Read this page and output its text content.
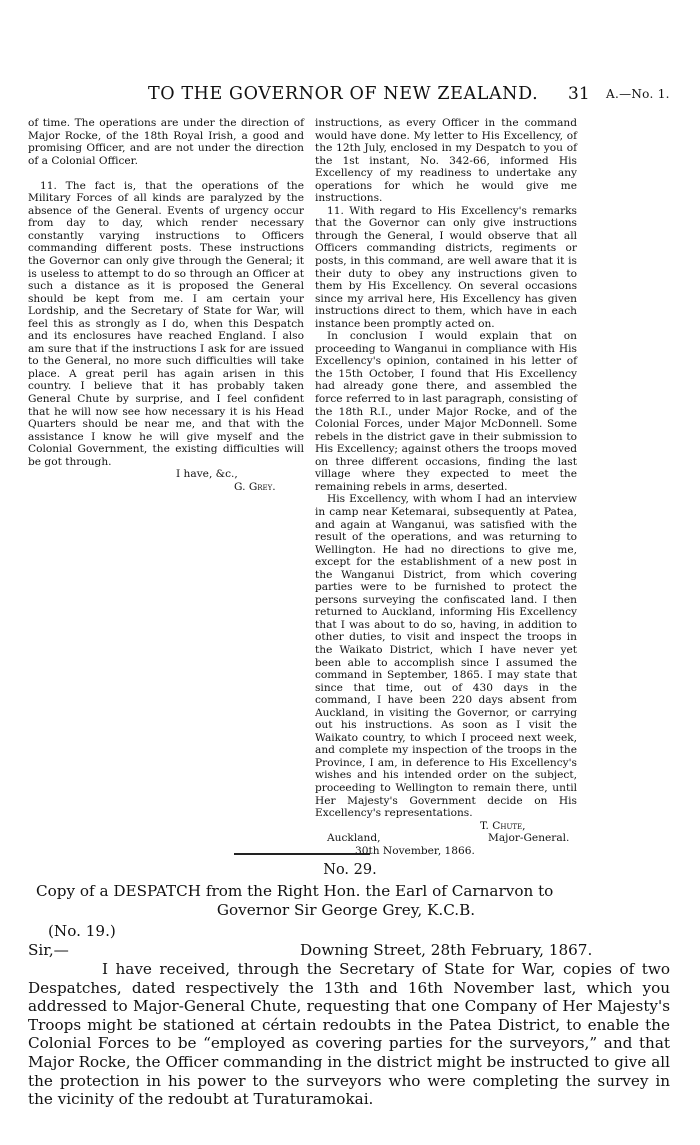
TO THE GOVERNOR OF NEW ZEALAND. 31 A.—No. 1.

of time. The operations are under the direction of Major Rocke, of the 18th Royal Irish, a good and promising Officer, and are not under the direction of a Colonial Officer.

11. The fact is, that the operations of the Military Forces of all kinds are paralyzed by the absence of the General. Events of urgency occur from day to day, which render necessary constantly varying instructions to Officers commanding different posts. These instructions the Governor can only give through the General; it is useless to attempt to do so through an Officer at such a distance as it is proposed the General should be kept from me. I am certain your Lordship, and the Secretary of State for War, will feel this as strongly as I do, when this Despatch and its enclosures have reached England. I also am sure that if the instructions I ask for are issued to the General, no more such difficulties will take place. A great peril has again arisen in this country. I believe that it has probably taken General Chute by surprise, and I feel confident that he will now see how necessary it is his Head Quarters should be near me, and that with the assistance I know he will give myself and the Colonial Government, the existing difficulties will be got through.

I have, &c.,

G. Grey.

instructions, as every Officer in the command would have done. My letter to His Excellency, of the 12th July, enclosed in my Despatch to you of the 1st instant, No. 342-66, informed His Excellency of my readiness to undertake any operations for which he would give me instructions.

11. With regard to His Excellency's remarks that the Governor can only give instructions through the General, I would observe that all Officers commanding districts, regiments or posts, in this command, are well aware that it is their duty to obey any instructions given to them by His Excellency. On several occasions since my arrival here, His Excellency has given instructions direct to them, which have in each instance been promptly acted on.

In conclusion I would explain that on proceeding to Wanganui in compliance with His Excellency's opinion, contained in his letter of the 15th October, I found that His Excellency had already gone there, and assembled the force referred to in last paragraph, consisting of the 18th R.I., under Major Rocke, and of the Colonial Forces, under Major McDonnell. Some rebels in the district gave in their submission to His Excellency; against others the troops moved on three different occasions, finding the last village where they expected to meet the remaining rebels in arms, deserted.

His Excellency, with whom I had an interview in camp near Ketemarai, subsequently at Patea, and again at Wanganui, was satisfied with the result of the operations, and was returning to Wellington. He had no directions to give me, except for the establishment of a new post in the Wanganui District, from which covering parties were to be furnished to protect the persons surveying the confiscated land. I then returned to Auckland, informing His Excellency that I was about to do so, having, in addition to other duties, to visit and inspect the troops in the Waikato District, which I have never yet been able to accomplish since I assumed the command in September, 1865. I may state that since that time, out of 430 days in the command, I have been 220 days absent from Auckland, in visiting the Governor, or carrying out his instructions. As soon as I visit the Waikato country, to which I proceed next week, and complete my inspection of the troops in the Province, I am, in deference to His Excellency's wishes and his intended order on the subject, proceeding to Wellington to remain there, until Her Majesty's Government decide on His Excellency's representations.

T. Chute,

Auckland,	Major-General.

30th November, 1866.

No. 29.
Copy of a DESPATCH from the Right Hon. the Earl of Carnarvon to
Governor Sir George Grey, K.C.B.
(No. 19.)
Sir,—	Downing Street, 28th February, 1867.

I have received, through the Secretary of State for War, copies of two Despatches, dated respectively the 13th and 16th November last, which you addressed to Major-General Chute, requesting that one Company of Her Majesty's Troops might be stationed at cértain redoubts in the Patea District, to enable the Colonial Forces to be “employed as covering parties for the surveyors,” and that Major Rocke, the Officer commanding in the district might be instructed to give all the protection in his power to the surveyors who were completing the survey in the vicinity of the redoubt at Turaturamokai.
